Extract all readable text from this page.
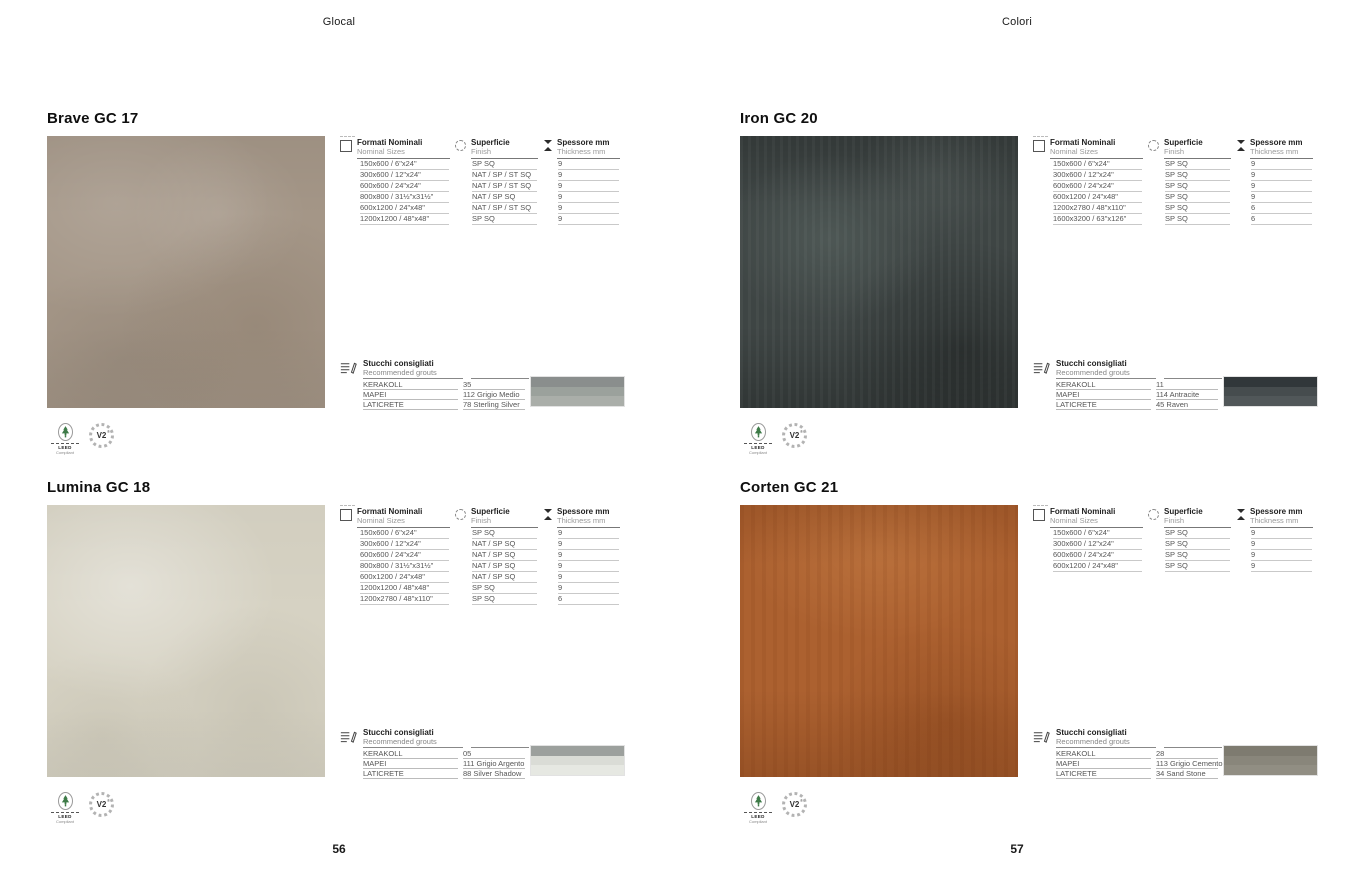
Glocal
Brave GC 17
Formati Nominali
Nominal Sizes
Superficie
Finish
Spessore mm
Thickness mm
150x600 / 6"x24"	SP SQ	9
300x600 / 12"x24"	NAT / SP / ST SQ	9
600x600 / 24"x24"	NAT / SP / ST SQ	9
800x800 / 31½"x31½"	NAT / SP SQ	9
600x1200 / 24"x48"	NAT / SP / ST SQ	9
1200x1200 / 48"x48"	SP SQ	9
Stucchi consigliati
Recommended grouts
KERAKOLL	35
MAPEI	112 Grigio Medio
LATICRETE	78 Sterling Silver
LEED
Compliant
V2 ®
Lumina GC 18
Formati Nominali
Nominal Sizes
Superficie
Finish
Spessore mm
Thickness mm
150x600 / 6"x24"	SP SQ	9
300x600 / 12"x24"	NAT / SP SQ	9
600x600 / 24"x24"	NAT / SP SQ	9
800x800 / 31½"x31½"	NAT / SP SQ	9
600x1200 / 24"x48"	NAT / SP SQ	9
1200x1200 / 48"x48"	SP SQ	9
1200x2780 / 48"x110"	SP SQ	6
Stucchi consigliati
Recommended grouts
KERAKOLL	05
MAPEI	111 Grigio Argento
LATICRETE	88 Silver Shadow
LEED
Compliant
V2 ®
56
Colori
Iron GC 20
Formati Nominali
Nominal Sizes
Superficie
Finish
Spessore mm
Thickness mm
150x600 / 6"x24"	SP SQ	9
300x600 / 12"x24"	SP SQ	9
600x600 / 24"x24"	SP SQ	9
600x1200 / 24"x48"	SP SQ	9
1200x2780 / 48"x110"	SP SQ	6
1600x3200 / 63"x126"	SP SQ	6
Stucchi consigliati
Recommended grouts
KERAKOLL	11
MAPEI	114 Antracite
LATICRETE	45 Raven
LEED
Compliant
V2 ®
Corten GC 21
Formati Nominali
Nominal Sizes
Superficie
Finish
Spessore mm
Thickness mm
150x600 / 6"x24"	SP SQ	9
300x600 / 12"x24"	SP SQ	9
600x600 / 24"x24"	SP SQ	9
600x1200 / 24"x48"	SP SQ	9
Stucchi consigliati
Recommended grouts
KERAKOLL	28
MAPEI	113 Grigio Cemento
LATICRETE	34 Sand Stone
LEED
Compliant
V2 ®
57
